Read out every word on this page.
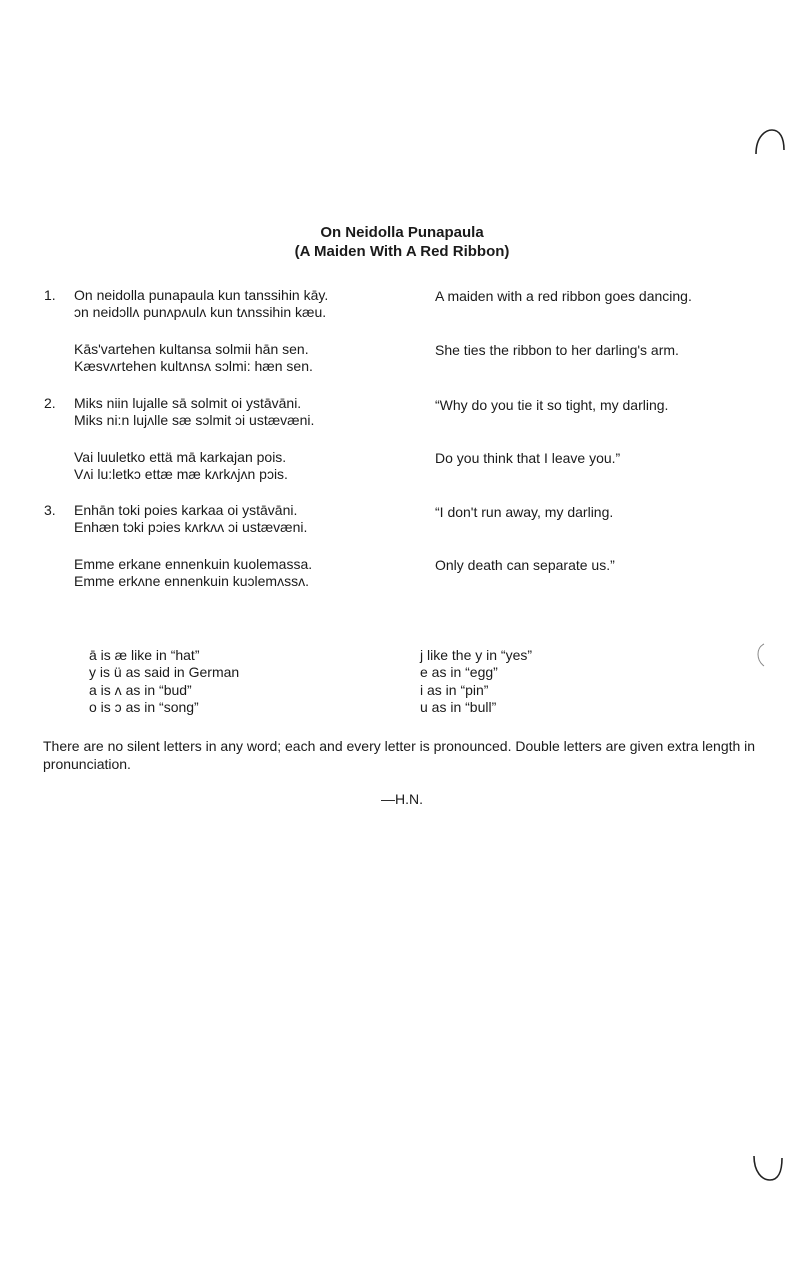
On Neidolla Punapaula
(A Maiden With A Red Ribbon)
1. On neidolla punapaula kun tanssihin kāy.
ɔn neidɔllʌ punʌpʌulʌ kun tʌnssihin kæu.
A maiden with a red ribbon goes dancing.
Kās'vartehen kultansa solmii hān sen.
Kæsvʌrtehen kultʌnsʌ sɔlmi: hæn sen.
She ties the ribbon to her darling's arm.
2. Miks niin lujalle sā solmit oi ystāvāni.
Miks ni:n lujʌlle sæ sɔlmit ɔi ustævæni.
“Why do you tie it so tight, my darling.
Vai luuletko että mā karkajan pois.
Vʌi lu:letkɔ ettæ mæ kʌrkʌjʌn pɔis.
Do you think that I leave you.”
3. Enhān toki poies karkaa oi ystāvāni.
Enhæn tɔki pɔies kʌrkʌʌ ɔi ustævæni.
“I don't run away, my darling.
Emme erkane ennenkuin kuolemassa.
Emme erkʌne ennenkuin kuɔlemʌssʌ.
Only death can separate us.”
ā is æ like in “hat”
y is ü as said in German
a is ʌ as in “bud”
o is ɔ as in “song”
j like the y in “yes”
e as in “egg”
i as in “pin”
u as in “bull”
There are no silent letters in any word; each and every letter is pronounced. Double letters are given extra length in pronunciation.
—H.N.
